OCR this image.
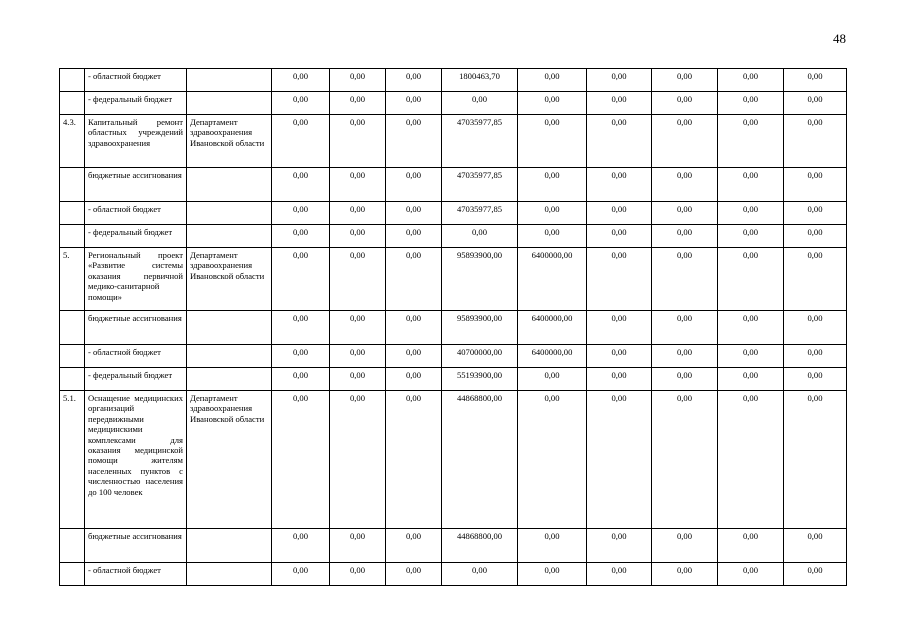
48
	- областной бюджет		0,00	0,00	0,00	1800463,70	0,00	0,00	0,00	0,00	0,00
	- федеральный бюджет		0,00	0,00	0,00	0,00	0,00	0,00	0,00	0,00	0,00
4.3.	Капитальный ремонт областных учреждений здравоохранения	Департамент здравоохранения Ивановской области	0,00	0,00	0,00	47035977,85	0,00	0,00	0,00	0,00	0,00
	бюджетные ассигнования		0,00	0,00	0,00	47035977,85	0,00	0,00	0,00	0,00	0,00
	- областной бюджет		0,00	0,00	0,00	47035977,85	0,00	0,00	0,00	0,00	0,00
	- федеральный бюджет		0,00	0,00	0,00	0,00	0,00	0,00	0,00	0,00	0,00
5.	Региональный проект «Развитие системы оказания первичной медико-санитарной помощи»	Департамент здравоохранения Ивановской области	0,00	0,00	0,00	95893900,00	6400000,00	0,00	0,00	0,00	0,00
	бюджетные ассигнования		0,00	0,00	0,00	95893900,00	6400000,00	0,00	0,00	0,00	0,00
	- областной бюджет		0,00	0,00	0,00	40700000,00	6400000,00	0,00	0,00	0,00	0,00
	- федеральный бюджет		0,00	0,00	0,00	55193900,00	0,00	0,00	0,00	0,00	0,00
5.1.	Оснащение медицинских организаций передвижными медицинскими комплексами для оказания медицинской помощи жителям населенных пунктов с численностью населения до 100 человек	Департамент здравоохранения Ивановской области	0,00	0,00	0,00	44868800,00	0,00	0,00	0,00	0,00	0,00
	бюджетные ассигнования		0,00	0,00	0,00	44868800,00	0,00	0,00	0,00	0,00	0,00
	- областной бюджет		0,00	0,00	0,00	0,00	0,00	0,00	0,00	0,00	0,00
